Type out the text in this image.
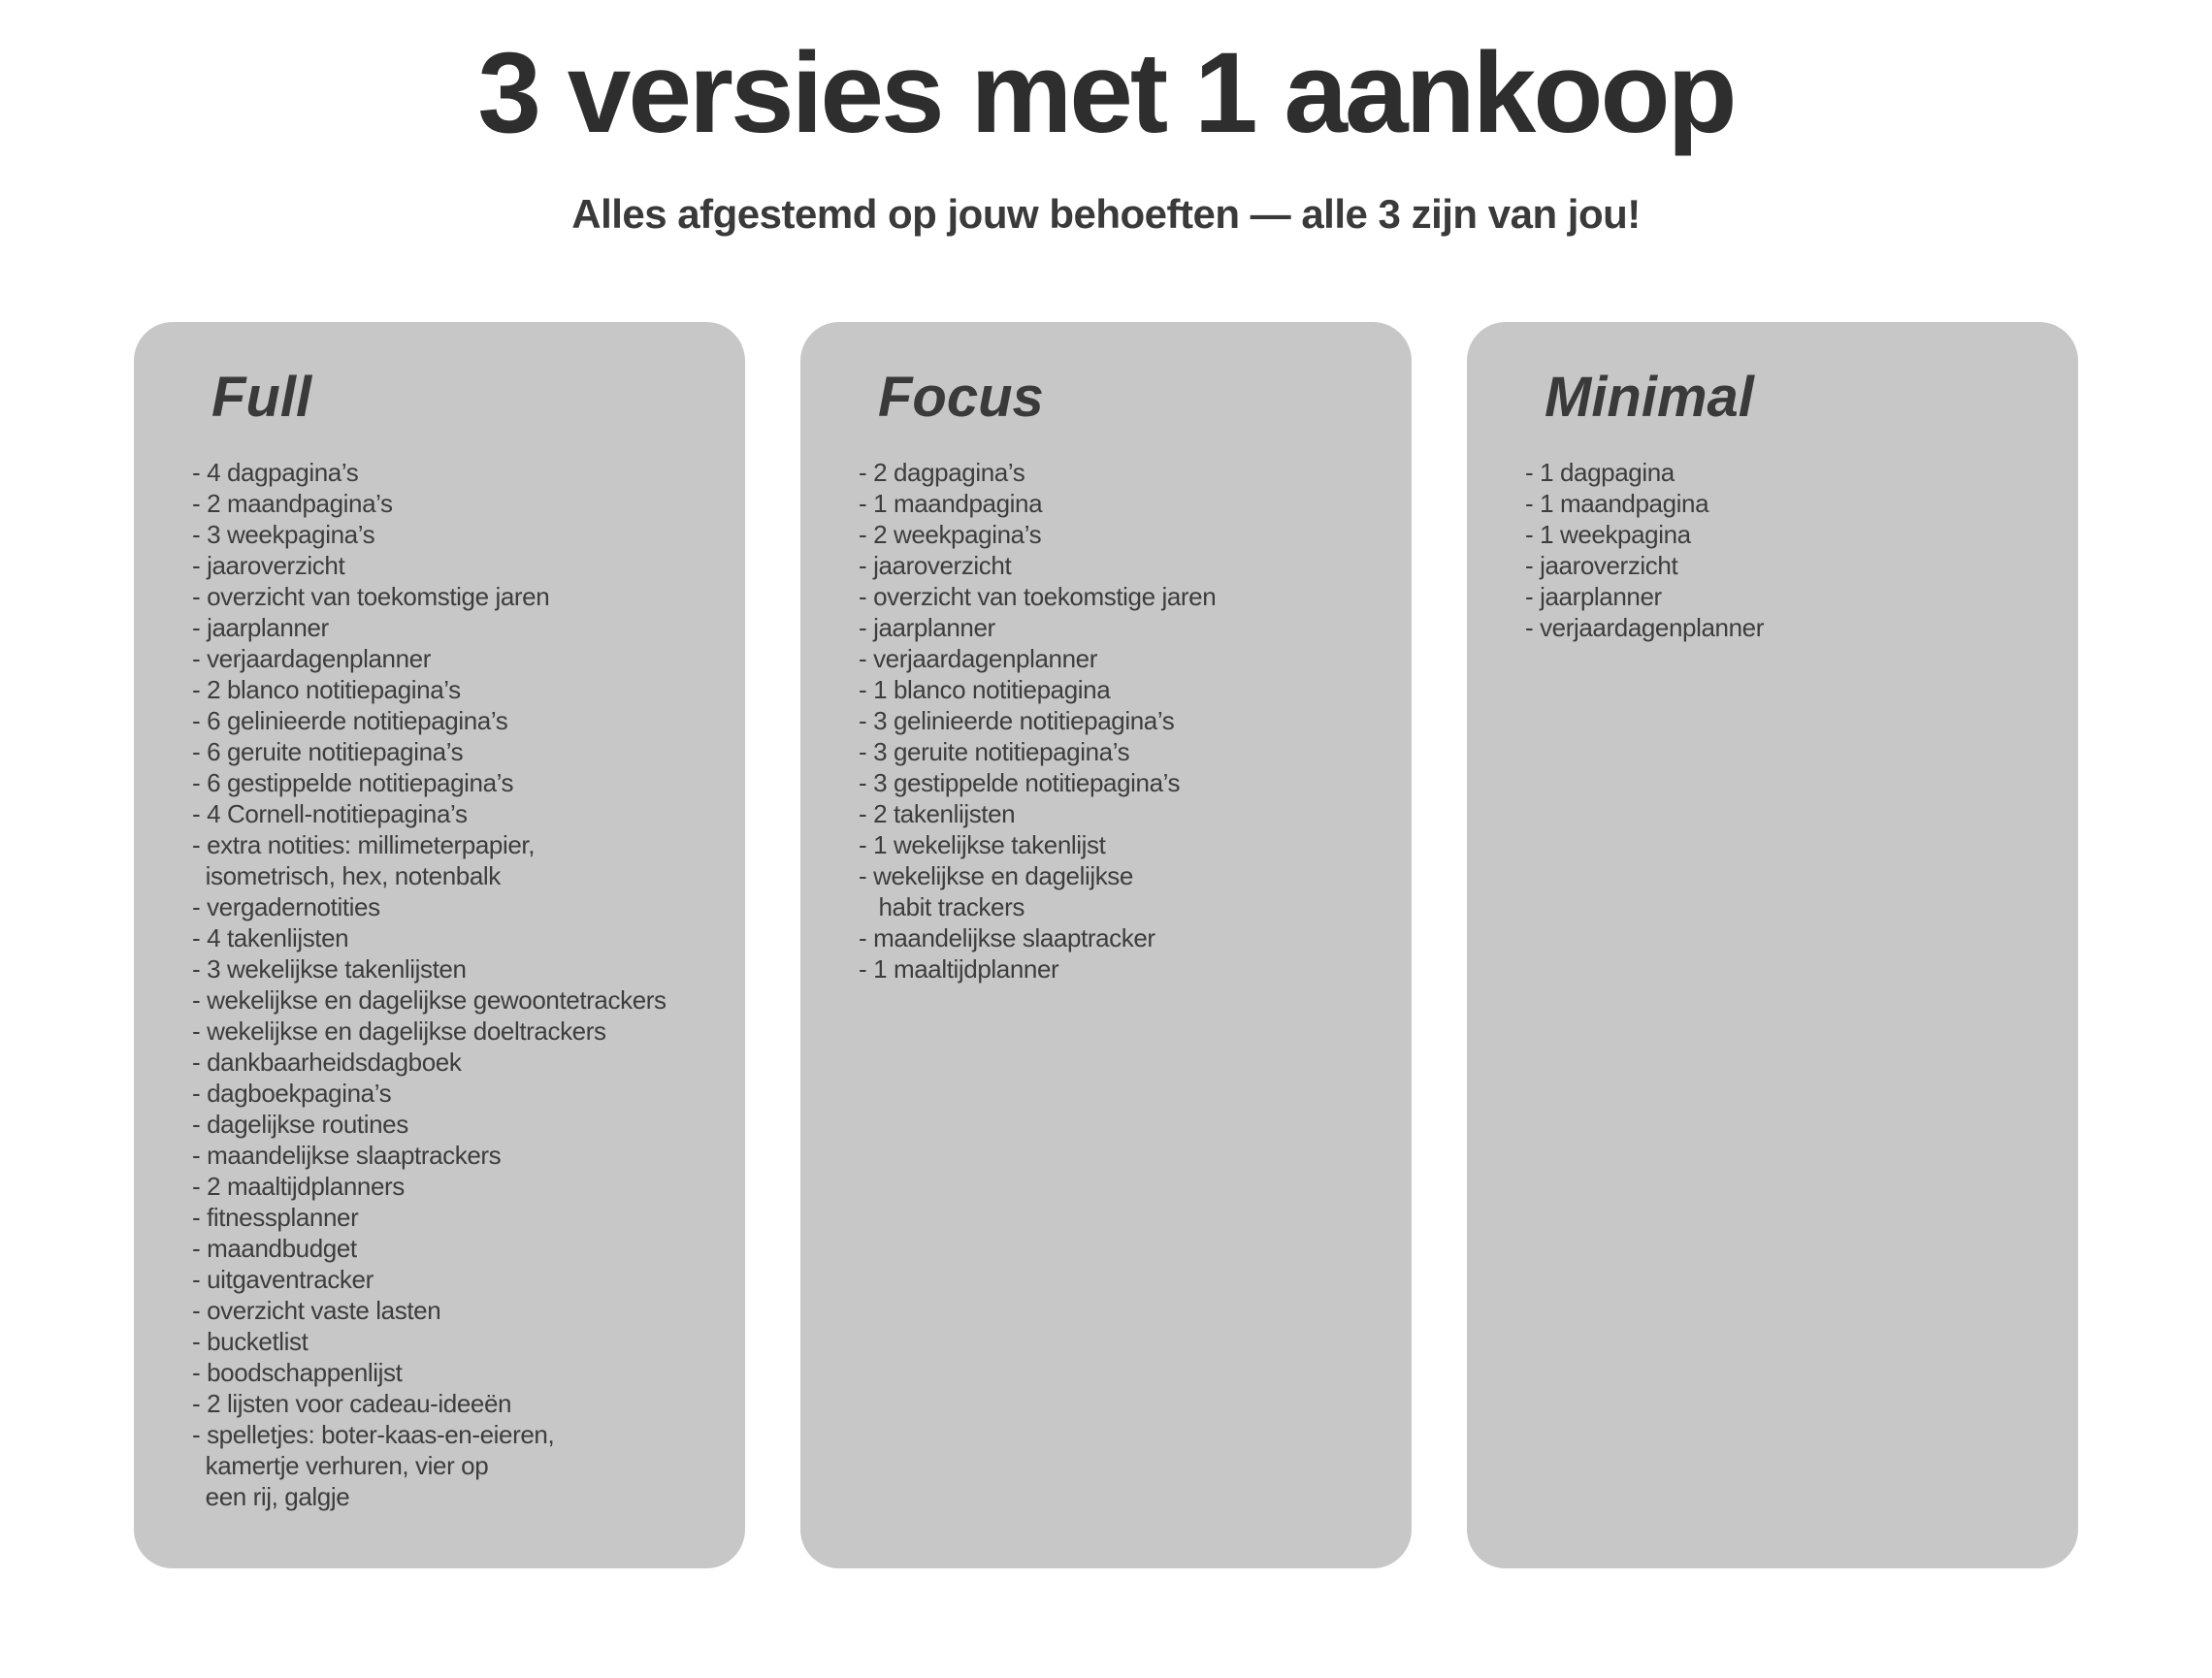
3 versies met 1 aankoop

Alles afgestemd op jouw behoeften — alle 3 zijn van jou!

Full
- 4 dagpagina’s
- 2 maandpagina’s
- 3 weekpagina’s
- jaaroverzicht
- overzicht van toekomstige jaren
- jaarplanner
- verjaardagenplanner
- 2 blanco notitiepagina’s
- 6 gelinieerde notitiepagina’s
- 6 geruite notitiepagina’s
- 6 gestippelde notitiepagina’s
- 4 Cornell-notitiepagina’s
- extra notities: millimeterpapier,
isometrisch, hex, notenbalk
- vergadernotities
- 4 takenlijsten
- 3 wekelijkse takenlijsten
- wekelijkse en dagelijkse gewoontetrackers
- wekelijkse en dagelijkse doeltrackers
- dankbaarheidsdagboek
- dagboekpagina’s
- dagelijkse routines
- maandelijkse slaaptrackers
- 2 maaltijdplanners
- fitnessplanner
- maandbudget
- uitgaventracker
- overzicht vaste lasten
- bucketlist
- boodschappenlijst
- 2 lijsten voor cadeau-ideeën
- spelletjes: boter-kaas-en-eieren,
kamertje verhuren, vier op
een rij, galgje
Focus
- 2 dagpagina’s
- 1 maandpagina
- 2 weekpagina’s
- jaaroverzicht
- overzicht van toekomstige jaren
- jaarplanner
- verjaardagenplanner
- 1 blanco notitiepagina
- 3 gelinieerde notitiepagina’s
- 3 geruite notitiepagina’s
- 3 gestippelde notitiepagina’s
- 2 takenlijsten
- 1 wekelijkse takenlijst
- wekelijkse en dagelijkse
habit trackers
- maandelijkse slaaptracker
- 1 maaltijdplanner
Minimal
- 1 dagpagina
- 1 maandpagina
- 1 weekpagina
- jaaroverzicht
- jaarplanner
- verjaardagenplanner
